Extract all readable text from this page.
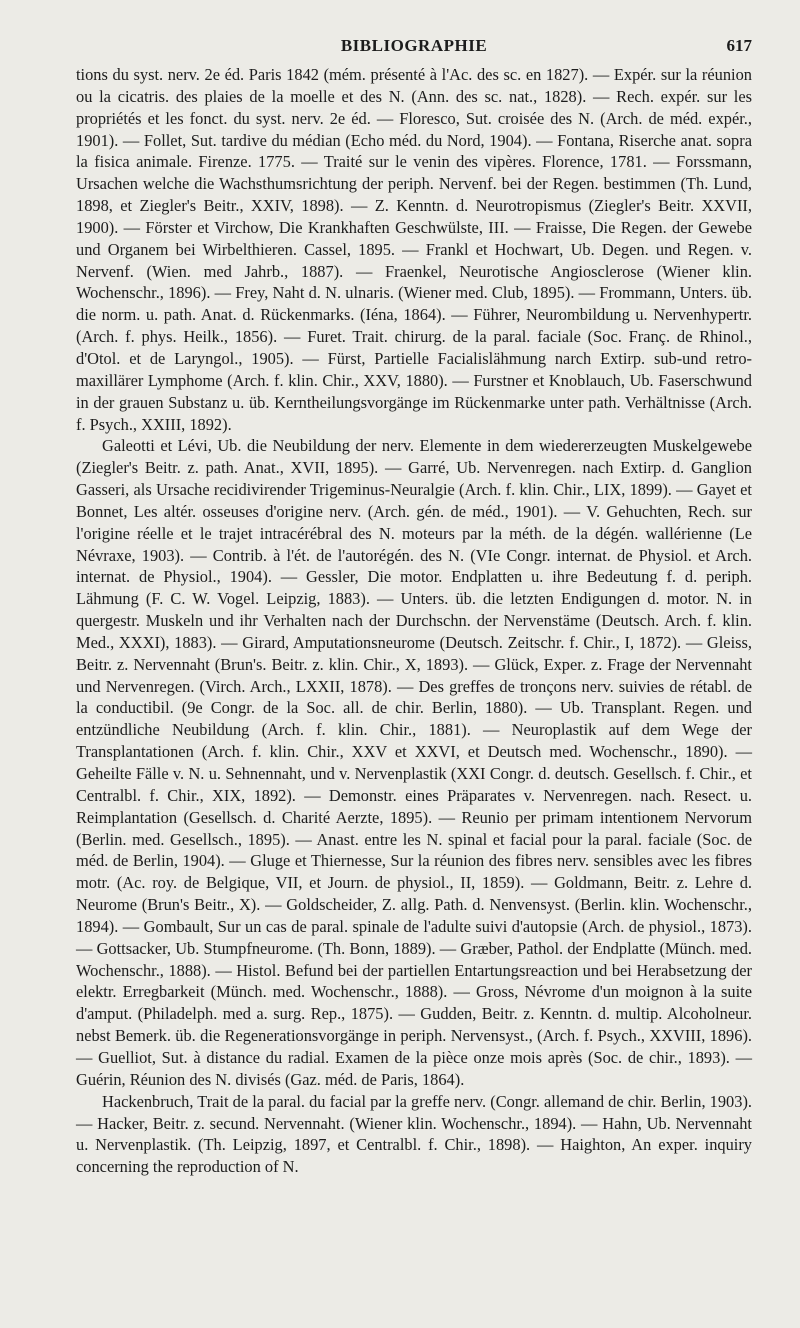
BIBLIOGRAPHIE	617

tions du syst. nerv. 2e éd. Paris 1842 (mém. présenté à l'Ac. des sc. en 1827). — Expér. sur la réunion ou la cicatris. des plaies de la moelle et des N. (Ann. des sc. nat., 1828). — Rech. expér. sur les propriétés et les fonct. du syst. nerv. 2e éd. — Floresco, Sut. croisée des N. (Arch. de méd. expér., 1901). — Follet, Sut. tardive du médian (Echo méd. du Nord, 1904). — Fontana, Riserche anat. sopra la fisica animale. Firenze. 1775. — Traité sur le venin des vipères. Florence, 1781. — Forssmann, Ursachen welche die Wachsthumsrichtung der periph. Nervenf. bei der Regen. bestimmen (Th. Lund, 1898, et Ziegler's Beitr., XXIV, 1898). — Z. Kenntn. d. Neurotropismus (Ziegler's Beitr. XXVII, 1900). — Förster et Virchow, Die Krankhaften Geschwülste, III. — Fraisse, Die Regen. der Gewebe und Organem bei Wirbelthieren. Cassel, 1895. — Frankl et Hochwart, Ub. Degen. und Regen. v. Nervenf. (Wien. med Jahrb., 1887). — Fraenkel, Neurotische Angiosclerose (Wiener klin. Wochenschr., 1896). — Frey, Naht d. N. ulnaris. (Wiener med. Club, 1895). — Frommann, Unters. üb. die norm. u. path. Anat. d. Rückenmarks. (Iéna, 1864). — Führer, Neurombildung u. Nervenhypertr. (Arch. f. phys. Heilk., 1856). — Furet. Trait. chirurg. de la paral. faciale (Soc. Franç. de Rhinol., d'Otol. et de Laryngol., 1905). — Fürst, Partielle Facialislähmung narch Extirp. sub-und retro-maxillärer Lymphome (Arch. f. klin. Chir., XXV, 1880). — Furstner et Knoblauch, Ub. Faserschwund in der grauen Substanz u. üb. Kerntheilungsvorgänge im Rückenmarke unter path. Verhältnisse (Arch. f. Psych., XXIII, 1892).

Galeotti et Lévi, Ub. die Neubildung der nerv. Elemente in dem wiedererzeugten Muskelgewebe (Ziegler's Beitr. z. path. Anat., XVII, 1895). — Garré, Ub. Nervenregen. nach Extirp. d. Ganglion Gasseri, als Ursache recidivirender Trigeminus-Neuralgie (Arch. f. klin. Chir., LIX, 1899). — Gayet et Bonnet, Les altér. osseuses d'origine nerv. (Arch. gén. de méd., 1901). — V. Gehuchten, Rech. sur l'origine réelle et le trajet intracérébral des N. moteurs par la méth. de la dégén. wallérienne (Le Névraxe, 1903). — Contrib. à l'ét. de l'autorégén. des N. (VIe Congr. internat. de Physiol. et Arch. internat. de Physiol., 1904). — Gessler, Die motor. Endplatten u. ihre Bedeutung f. d. periph. Lähmung (F. C. W. Vogel. Leipzig, 1883). — Unters. üb. die letzten Endigungen d. motor. N. in quergestr. Muskeln und ihr Verhalten nach der Durchschn. der Nervenstäme (Deutsch. Arch. f. klin. Med., XXXI), 1883). — Girard, Amputationsneurome (Deutsch. Zeitschr. f. Chir., I, 1872). — Gleiss, Beitr. z. Nervennaht (Brun's. Beitr. z. klin. Chir., X, 1893). — Glück, Exper. z. Frage der Nervennaht und Nervenregen. (Virch. Arch., LXXII, 1878). — Des greffes de tronçons nerv. suivies de rétabl. de la conductibil. (9e Congr. de la Soc. all. de chir. Berlin, 1880). — Ub. Transplant. Regen. und entzündliche Neubildung (Arch. f. klin. Chir., 1881). — Neuroplastik auf dem Wege der Transplantationen (Arch. f. klin. Chir., XXV et XXVI, et Deutsch med. Wochenschr., 1890). — Geheilte Fälle v. N. u. Sehnennaht, und v. Nervenplastik (XXI Congr. d. deutsch. Gesellsch. f. Chir., et Centralbl. f. Chir., XIX, 1892). — Demonstr. eines Präparates v. Nervenregen. nach. Resect. u. Reimplantation (Gesellsch. d. Charité Aerzte, 1895). — Reunio per primam intentionem Nervorum (Berlin. med. Gesellsch., 1895). — Anast. entre les N. spinal et facial pour la paral. faciale (Soc. de méd. de Berlin, 1904). — Gluge et Thiernesse, Sur la réunion des fibres nerv. sensibles avec les fibres motr. (Ac. roy. de Belgique, VII, et Journ. de physiol., II, 1859). — Goldmann, Beitr. z. Lehre d. Neurome (Brun's Beitr., X). — Goldscheider, Z. allg. Path. d. Nenvensyst. (Berlin. klin. Wochenschr., 1894). — Gombault, Sur un cas de paral. spinale de l'adulte suivi d'autopsie (Arch. de physiol., 1873). — Gottsacker, Ub. Stumpfneurome. (Th. Bonn, 1889). — Græber, Pathol. der Endplatte (Münch. med. Wochenschr., 1888). — Histol. Befund bei der partiellen Entartungsreaction und bei Herabsetzung der elektr. Erregbarkeit (Münch. med. Wochenschr., 1888). — Gross, Névrome d'un moignon à la suite d'amput. (Philadelph. med a. surg. Rep., 1875). — Gudden, Beitr. z. Kenntn. d. multip. Alcoholneur. nebst Bemerk. üb. die Regenerationsvorgänge in periph. Nervensyst., (Arch. f. Psych., XXVIII, 1896). — Guelliot, Sut. à distance du radial. Examen de la pièce onze mois après (Soc. de chir., 1893). — Guérin, Réunion des N. divisés (Gaz. méd. de Paris, 1864).

Hackenbruch, Trait de la paral. du facial par la greffe nerv. (Congr. allemand de chir. Berlin, 1903). — Hacker, Beitr. z. secund. Nervennaht. (Wiener klin. Wochenschr., 1894). — Hahn, Ub. Nervennaht u. Nervenplastik. (Th. Leipzig, 1897, et Centralbl. f. Chir., 1898). — Haighton, An exper. inquiry concerning the reproduction of N.
